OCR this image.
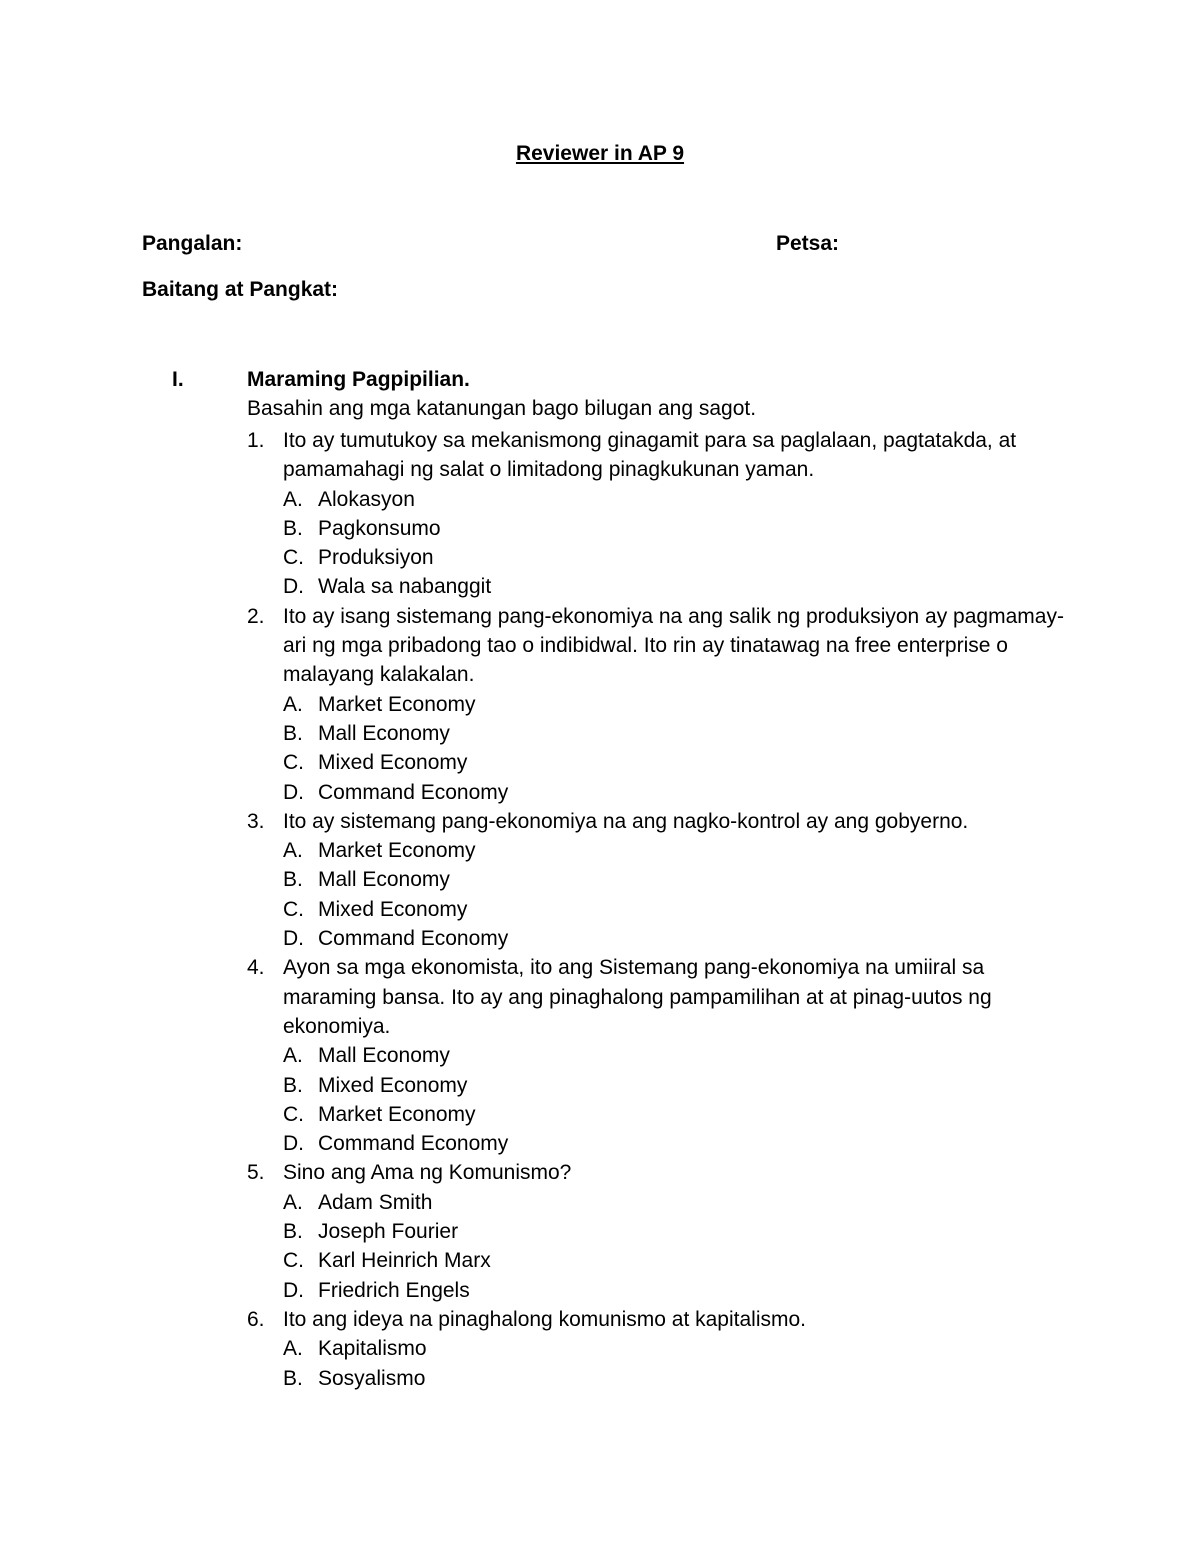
Reviewer in AP 9
Pangalan:	Petsa:
Baitang at Pangkat:
I.	Maraming Pagpipilian.
Basahin ang mga katanungan bago bilugan ang sagot.
1. Ito ay tumutukoy sa mekanismong ginagamit para sa paglalaan, pagtatakda, at pamamahagi ng salat o limitadong pinagkukunan yaman.
A. Alokasyon
B. Pagkonsumo
C. Produksiyon
D. Wala sa nabanggit
2. Ito ay isang sistemang pang-ekonomiya na ang salik ng produksiyon ay pagmamay-ari ng mga pribadong tao o indibidwal. Ito rin ay tinatawag na free enterprise o malayang kalakalan.
A. Market Economy
B. Mall Economy
C. Mixed Economy
D. Command Economy
3. Ito ay sistemang pang-ekonomiya na ang nagko-kontrol ay ang gobyerno.
A. Market Economy
B. Mall Economy
C. Mixed Economy
D. Command Economy
4. Ayon sa mga ekonomista, ito ang Sistemang pang-ekonomiya na umiiral sa maraming bansa. Ito ay ang pinaghalong pampamilihan at at pinag-uutos ng ekonomiya.
A. Mall Economy
B. Mixed Economy
C. Market Economy
D. Command Economy
5. Sino ang Ama ng Komunismo?
A. Adam Smith
B. Joseph Fourier
C. Karl Heinrich Marx
D. Friedrich Engels
6. Ito ang ideya na pinaghalong komunismo at kapitalismo.
A. Kapitalismo
B. Sosyalismo
